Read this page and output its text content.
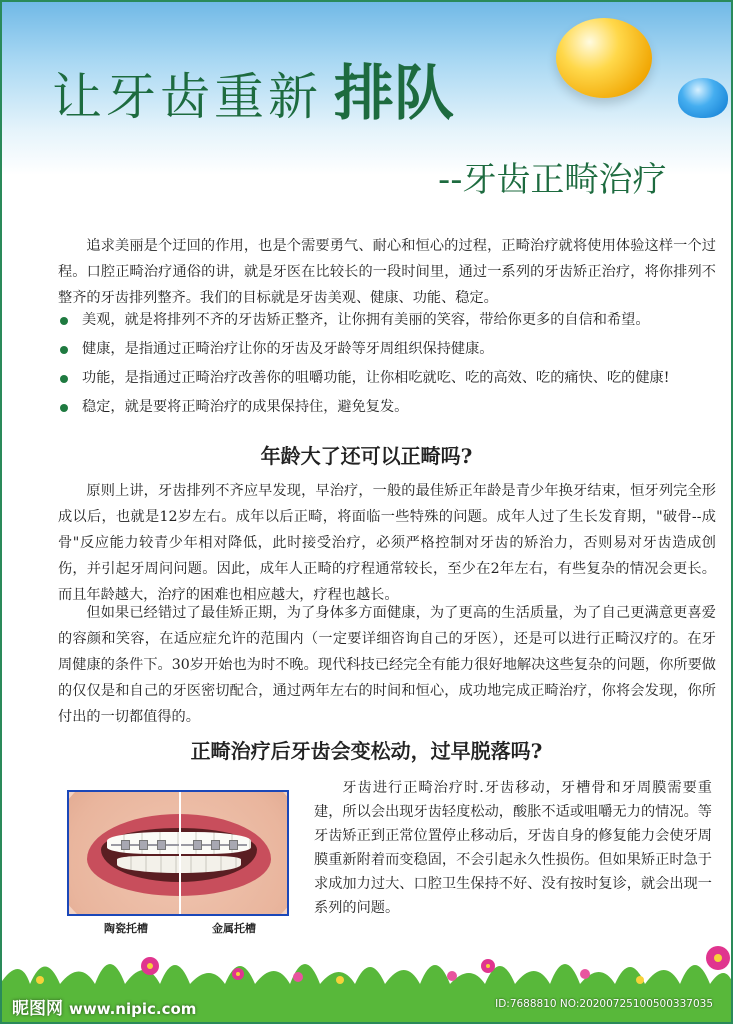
让牙齿重新 排队
--牙齿正畸治疗

追求美丽是个迂回的作用，也是个需要勇气、耐心和恒心的过程，正畸治疗就将使用体验这样一个过程。口腔正畸治疗通俗的讲，就是牙医在比较长的一段时间里，通过一系列的牙齿矫正治疗，将你排列不整齐的牙齿排列整齐。我们的目标就是牙齿美观、健康、功能、稳定。

美观，就是将排列不齐的牙齿矫正整齐，让你拥有美丽的笑容，带给你更多的自信和希望。
健康，是指通过正畸治疗让你的牙齿及牙龄等牙周组织保持健康。
功能，是指通过正畸治疗改善你的咀嚼功能，让你相吃就吃、吃的高效、吃的痛快、吃的健康!
稳定，就是要将正畸治疗的成果保持住，避免复发。
年龄大了还可以正畸吗?

原则上讲，牙齿排列不齐应早发现，早治疗，一般的最佳矫正年龄是青少年换牙结束，恒牙列完全形成以后，也就是12岁左右。成年以后正畸，将面临一些特殊的问题。成年人过了生长发育期，"破骨--成骨"反应能力较青少年相对降低，此时接受治疗，必须严格控制对牙齿的矫治力，否则易对牙齿造成创伤，并引起牙周问问题。因此，成年人正畸的疗程通常较长，至少在2年左右，有些复杂的情况会更长。而且年龄越大，治疗的困难也相应越大，疗程也越长。

但如果已经错过了最佳矫正期，为了身体多方面健康，为了更高的生活质量，为了自己更满意更喜爱的容颜和笑容，在适应症允许的范围内（一定要详细咨询自己的牙医），还是可以进行正畸汉疗的。在牙周健康的条件下。30岁开始也为时不晚。现代科技已经完全有能力很好地解决这些复杂的问题，你所要做的仅仅是和自己的牙医密切配合，通过两年左右的时间和恒心，成功地完成正畸治疗，你将会发现，你所付出的一切都值得的。

正畸治疗后牙齿会变松动，过早脱落吗?
陶瓷托槽	金属托槽

牙齿进行正畸治疗时.牙齿移动，牙槽骨和牙周膜需要重建，所以会出现牙齿轻度松动，酸胀不适或咀嚼无力的情况。等牙齿矫正到正常位置停止移动后，牙齿自身的修复能力会使牙周膜重新附着而变稳固，不会引起永久性损伤。但如果矫正时急于求成加力过大、口腔卫生保持不好、没有按时复诊，就会出现一系列的问题。

昵图网 www.nipic.com	ID:7688810 NO:20200725100500337035
